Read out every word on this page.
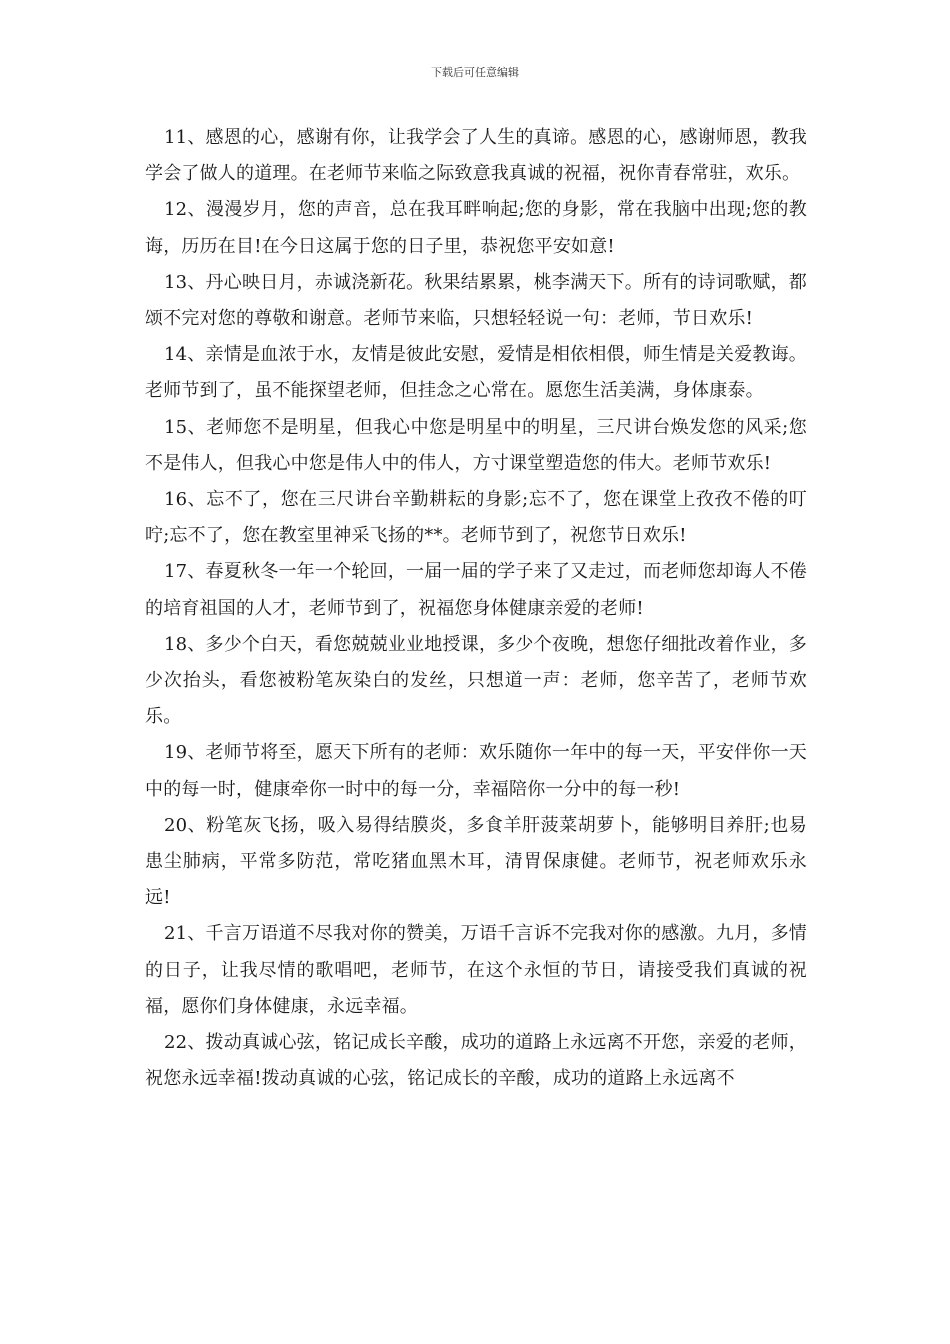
下载后可任意编辑

11、感恩的心，感谢有你，让我学会了人生的真谛。感恩的心，感谢师恩，教我学会了做人的道理。在老师节来临之际致意我真诚的祝福，祝你青春常驻，欢乐。

12、漫漫岁月，您的声音，总在我耳畔响起;您的身影，常在我脑中出现;您的教诲，历历在目!在今日这属于您的日子里，恭祝您平安如意!

13、丹心映日月，赤诚浇新花。秋果结累累，桃李满天下。所有的诗词歌赋，都颂不完对您的尊敬和谢意。老师节来临，只想轻轻说一句：老师，节日欢乐!

14、亲情是血浓于水，友情是彼此安慰，爱情是相依相偎，师生情是关爱教诲。老师节到了，虽不能探望老师，但挂念之心常在。愿您生活美满，身体康泰。

15、老师您不是明星，但我心中您是明星中的明星，三尺讲台焕发您的风采;您不是伟人，但我心中您是伟人中的伟人，方寸课堂塑造您的伟大。老师节欢乐!

16、忘不了，您在三尺讲台辛勤耕耘的身影;忘不了，您在课堂上孜孜不倦的叮咛;忘不了，您在教室里神采飞扬的**。老师节到了，祝您节日欢乐!

17、春夏秋冬一年一个轮回，一届一届的学子来了又走过，而老师您却诲人不倦的培育祖国的人才，老师节到了，祝福您身体健康亲爱的老师!

18、多少个白天，看您兢兢业业地授课，多少个夜晚，想您仔细批改着作业，多少次抬头，看您被粉笔灰染白的发丝，只想道一声：老师，您辛苦了，老师节欢乐。

19、老师节将至，愿天下所有的老师：欢乐随你一年中的每一天，平安伴你一天中的每一时，健康牵你一时中的每一分，幸福陪你一分中的每一秒!

20、粉笔灰飞扬，吸入易得结膜炎，多食羊肝菠菜胡萝卜，能够明目养肝;也易患尘肺病，平常多防范，常吃猪血黑木耳，清胃保康健。老师节，祝老师欢乐永远!

21、千言万语道不尽我对你的赞美，万语千言诉不完我对你的感激。九月，多情的日子，让我尽情的歌唱吧，老师节，在这个永恒的节日，请接受我们真诚的祝福，愿你们身体健康，永远幸福。

22、拨动真诚心弦，铭记成长辛酸，成功的道路上永远离不开您，亲爱的老师，祝您永远幸福!拨动真诚的心弦，铭记成长的辛酸，成功的道路上永远离不
